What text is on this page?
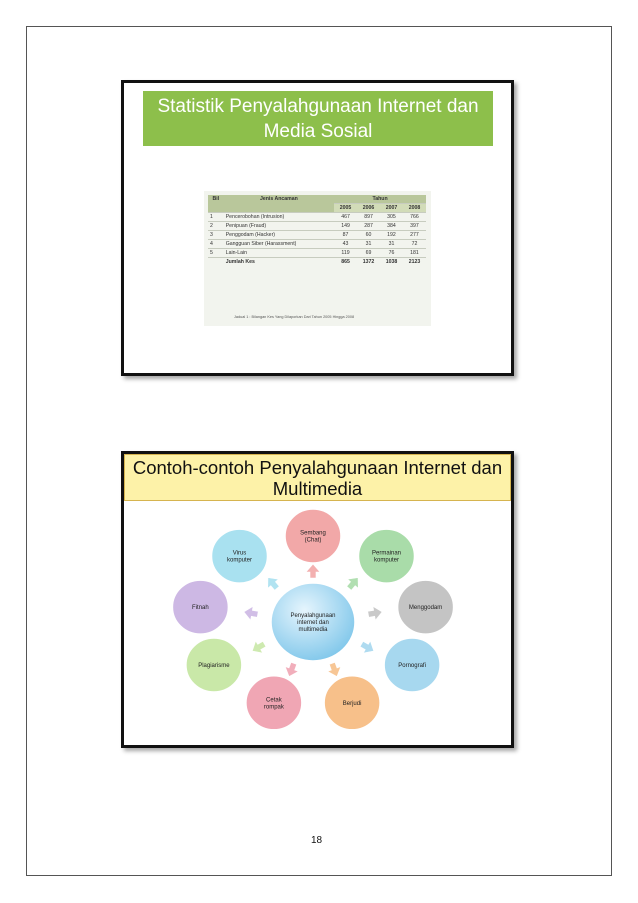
Statistik Penyalahgunaan Internet dan Media Sosial
Bil	Jenis Ancaman	Tahun			
		2005	2006	2007	2008
1	Pencerobohan (Intrusion)	467	897	305	766
2	Penipuan (Fraud)	149	287	384	397
3	Penggodam (Hacker)	87	60	192	277
4	Gangguan Siber (Harassment)	43	31	31	72
5	Lain-Lain	119	69	76	181
	Jumlah Kes	865	1372	1038	2123
Jadual 1 : Bilangan Kes Yang Dilaporkan Dari Tahun 2005 Hingga 2008
Contoh-contoh Penyalahgunaan Internet dan Multimedia
Sembang
(Chat)
Permainan
komputer
Menggodam
Pornografi
Berjudi
Cetak
rompak
Plagiarisme
Fitnah
Virus
komputer
Penyalahgunaan
internet dan
multimedia
18
